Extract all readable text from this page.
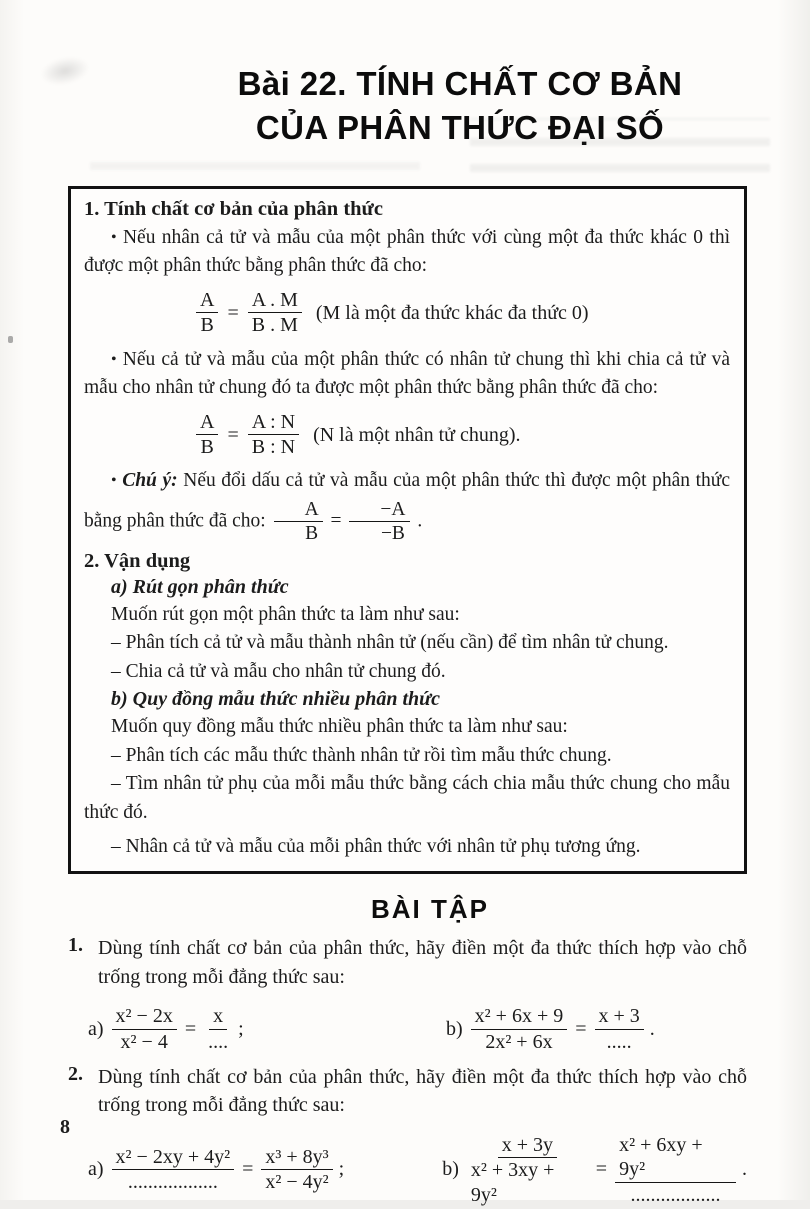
Bài 22. TÍNH CHẤT CƠ BẢN
CỦA PHÂN THỨC ĐẠI SỐ
1. Tính chất cơ bản của phân thức

• Nếu nhân cả tử và mẫu của một phân thức với cùng một đa thức khác 0 thì được một phân thức bằng phân thức đã cho:

$\frac{A}{B} = \frac{A . M}{B . M} (M$ là một đa thức khác đa thức 0)

• Nếu cả tử và mẫu của một phân thức có nhân tử chung thì khi chia cả tử và mẫu cho nhân tử chung đó ta được một phân thức bằng phân thức đã cho:

$\frac{A}{B} = \frac{A : N}{B : N} (N$ là một nhân tử chung).

• Chú ý: Nếu đổi dấu cả tử và mẫu của một phân thức thì được một phân thức bằng phân thức đã cho: $\frac{A}{B} = \frac{-A}{-B}$ .

2. Vận dụng
a) Rút gọn phân thức

Muốn rút gọn một phân thức ta làm như sau:

– Phân tích cả tử và mẫu thành nhân tử (nếu cần) để tìm nhân tử chung.

– Chia cả tử và mẫu cho nhân tử chung đó.

b) Quy đồng mẫu thức nhiều phân thức

Muốn quy đồng mẫu thức nhiều phân thức ta làm như sau:

– Phân tích các mẫu thức thành nhân tử rồi tìm mẫu thức chung.

– Tìm nhân tử phụ của mỗi mẫu thức bằng cách chia mẫu thức chung cho mẫu thức đó.

– Nhân cả tử và mẫu của mỗi phân thức với nhân tử phụ tương ứng.

BÀI TẬP
1. Dùng tính chất cơ bản của phân thức, hãy điền một đa thức thích hợp vào chỗ trống trong mỗi đẳng thức sau:
$a) \frac{\text{x² − 2x}}{\text{x² − 4}} = \frac{x}{....}$ ;	$b) \frac{\text{x² + 6x + 9}}{\text{2x² + 6x}} = \frac{x + 3}{.....}$ .
2. Dùng tính chất cơ bản của phân thức, hãy điền một đa thức thích hợp vào chỗ trống trong mỗi đẳng thức sau:
$a) \frac{\text{x² − 2xy + 4y²}}{..................} = \frac{\text{x³ + 8y³}}{\text{x² − 4y²}}$ ;	$b) \frac{x + 3y}{\text{x² + 3xy + 9y²}} = \frac{\text{x² + 6xy + 9y²}}{..................}$ .
8
